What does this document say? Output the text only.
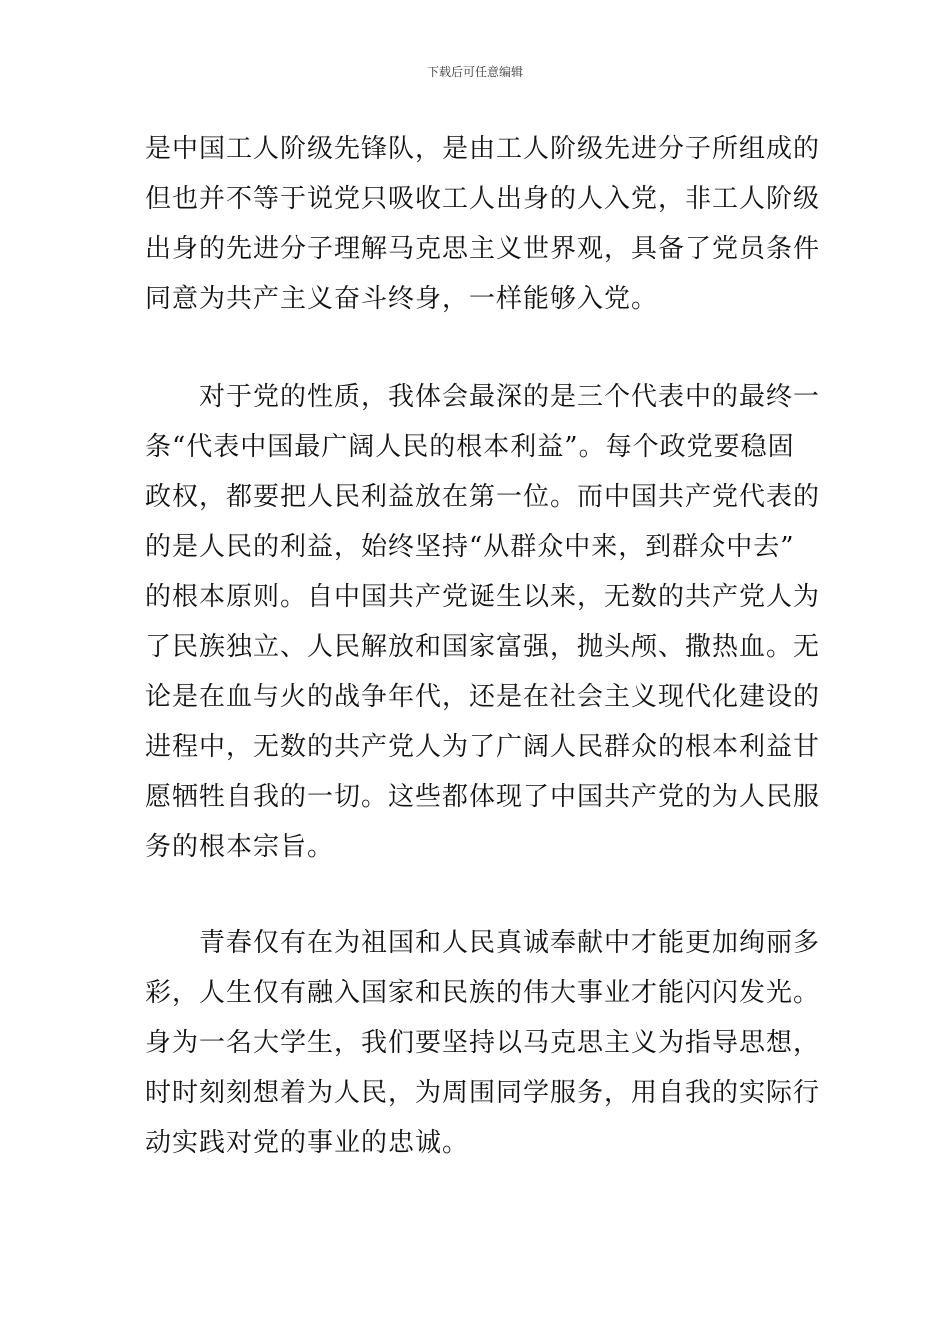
下载后可任意编辑
是中国工人阶级先锋队，是由工人阶级先进分子所组成的
但也并不等于说党只吸收工人出身的人入党，非工人阶级
出身的先进分子理解马克思主义世界观，具备了党员条件
同意为共产主义奋斗终身，一样能够入党。
　　对于党的性质，我体会最深的是三个代表中的最终一
条“代表中国最广阔人民的根本利益”。每个政党要稳固
政权，都要把人民利益放在第一位。而中国共产党代表的
的是人民的利益，始终坚持“从群众中来，到群众中去”
的根本原则。自中国共产党诞生以来，无数的共产党人为
了民族独立、人民解放和国家富强，抛头颅、撒热血。无
论是在血与火的战争年代，还是在社会主义现代化建设的
进程中，无数的共产党人为了广阔人民群众的根本利益甘
愿牺牲自我的一切。这些都体现了中国共产党的为人民服
务的根本宗旨。
　　青春仅有在为祖国和人民真诚奉献中才能更加绚丽多
彩，人生仅有融入国家和民族的伟大事业才能闪闪发光。
身为一名大学生，我们要坚持以马克思主义为指导思想，
时时刻刻想着为人民，为周围同学服务，用自我的实际行
动实践对党的事业的忠诚。
